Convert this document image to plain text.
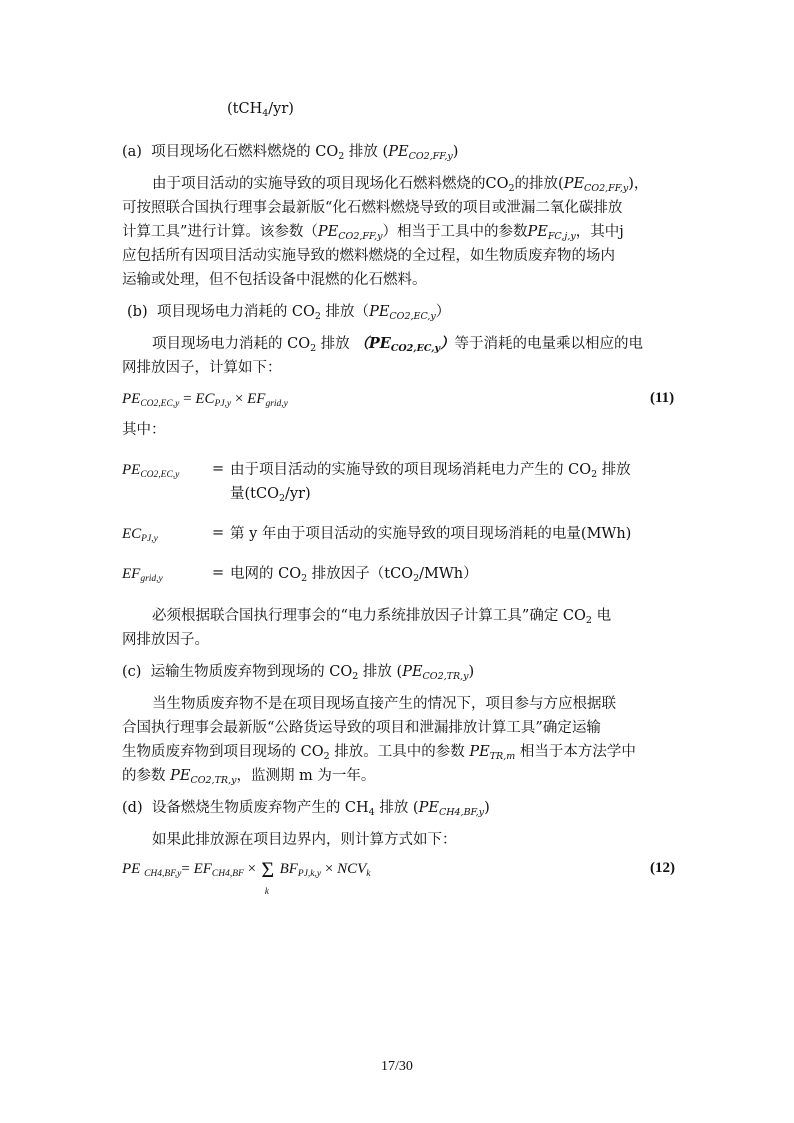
(tCH$_4$/yr)
(a)  项目现场化石燃料燃烧的 $CO_2$ 排放 $(PE_{CO2,FF,y})$
由于项目活动的实施导致的项目现场化石燃料燃烧的$CO_2$的排放$(PE_{CO2,FF,y})$，
可按照联合国执行理事会最新版“化石燃料燃烧导致的项目或泄漏二氧化碳排放
计算工具”进行计算。该参数$(PE_{CO2,FF,y})$相当于工具中的参数$PE_{FC,j,y}$，其中j
应包括所有因项目活动实施导致的燃料燃烧的全过程，如生物质废弃物的场内
运输或处理，但不包括设备中混燃的化石燃料。
(b)  项目现场电力消耗的 $CO_2$ 排放$(PE_{CO2,EC,y})$
项目现场电力消耗的 $CO_2$ 排放 $(PE_{CO2,EC,y})$等于消耗的电量乘以相应的电
网排放因子，计算如下：
$PE_{CO2,EC,y} = EC_{PJ,y} \times EF_{grid,y}$	(11)
其中：
$PE_{CO2,EC,y}$ = 由于项目活动的实施导致的项目现场消耗电力产生的 $CO_2$ 排放
量(tCO$_2$/yr)
$EC_{PJ,y}$	= 第 y 年由于项目活动的实施导致的项目现场消耗的电量(MWh)
$EF_{grid,y}$	= 电网的 $CO_2$ 排放因子（tCO$_2$/MWh）
必须根据联合国执行理事会的“电力系统排放因子计算工具”确定 $CO_2$ 电
网排放因子。
(c)  运输生物质废弃物到现场的 $CO_2$ 排放 $(PE_{CO2,TR,y})$
当生物质废弃物不是在项目现场直接产生的情况下，项目参与方应根据联
合国执行理事会最新版“公路货运导致的项目和泄漏排放计算工具”确定运输
生物质废弃物到项目现场的 $CO_2$ 排放。工具中的参数 $PE_{TR,m}$ 相当于本方法学中
的参数 $PE_{CO2,TR,y}$，监测期 m 为一年。
(d)  设备燃烧生物质废弃物产生的 $CH_4$ 排放 $(PE_{CH4,BF,y})$
如果此排放源在项目边界内，则计算方式如下：
PE $_{CH4,BF,y}= EF_{CH4,BF} \times \Sigma$
k
$BF_{PJ,k,y} \times NCV_k$	(12)
17/30
